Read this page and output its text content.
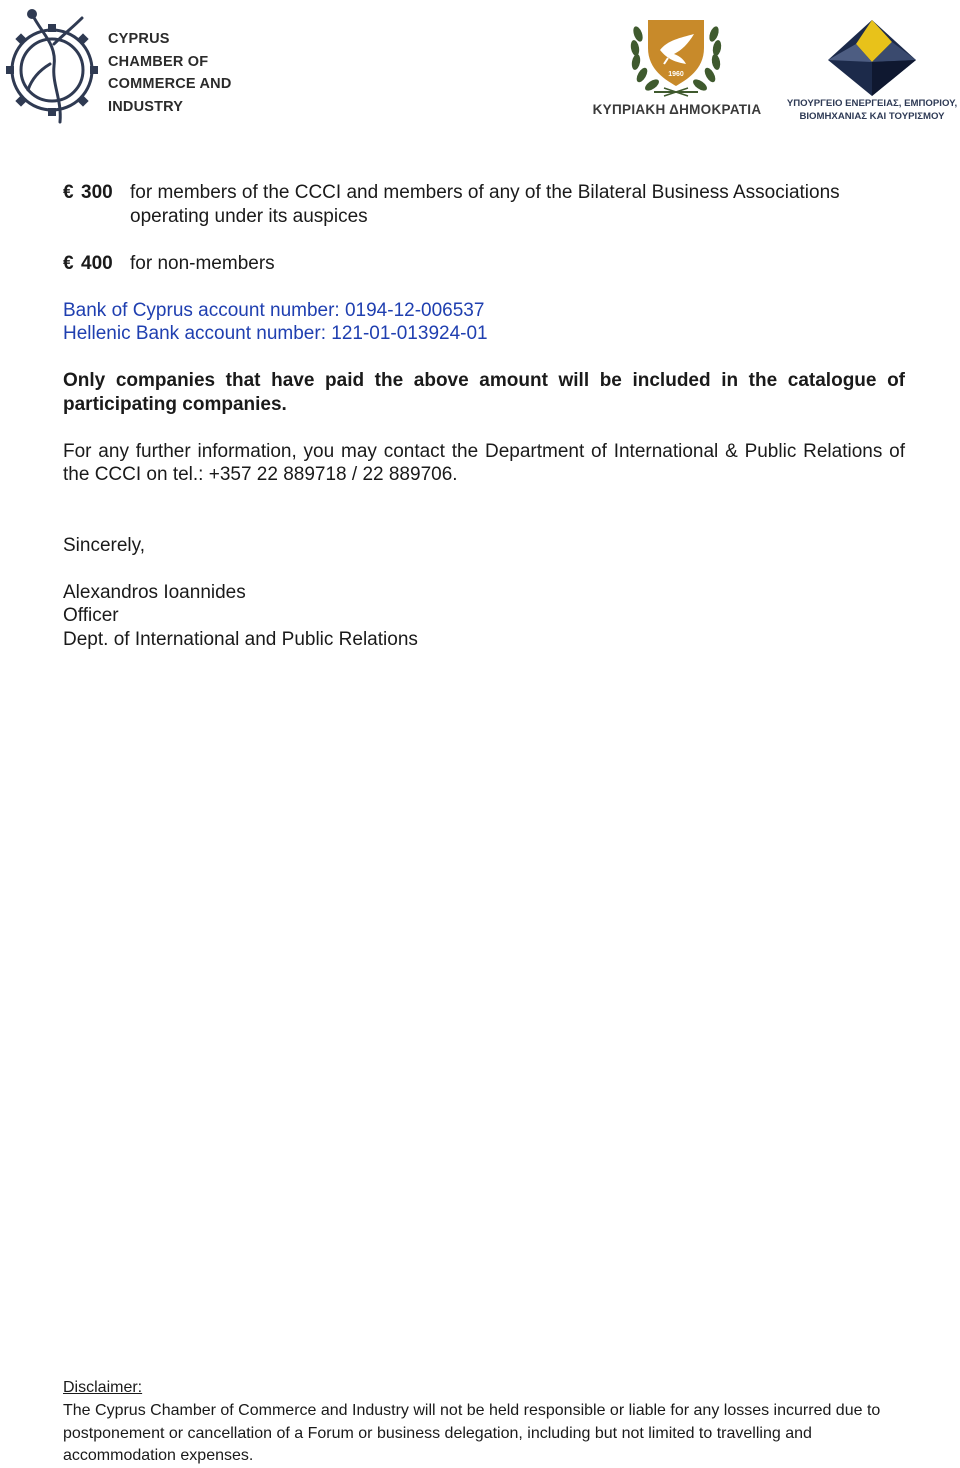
CYPRUS
CHAMBER OF
COMMERCE AND
INDUSTRY
1960
ΚΥΠΡΙΑΚΗ ΔΗΜΟΚΡΑΤΙΑ	ΥΠΟΥΡΓΕΙΟ ΕΝΕΡΓΕΙΑΣ, ΕΜΠΟΡΙΟΥ,
ΒΙΟΜΗΧΑΝΙΑΣ ΚΑΙ ΤΟΥΡΙΣΜΟΥ
€ 300 for members of the CCCI and members of any of the Bilateral Business Associations operating under its auspices
€ 400 for non-members
Bank of Cyprus account number: 0194-12-006537
Hellenic Bank account number: 121-01-013924-01
Only companies that have paid the above amount will be included in the catalogue of participating companies.
For any further information, you may contact the Department of International & Public Relations of the CCCI on tel.: +357 22 889718 / 22 889706.
Sincerely,
Alexandros Ioannides
Officer
Dept. of International and Public Relations
Disclaimer:
The Cyprus Chamber of Commerce and Industry will not be held responsible or liable for any losses incurred due to postponement or cancellation of a Forum or business delegation, including but not limited to travelling and accommodation expenses.
